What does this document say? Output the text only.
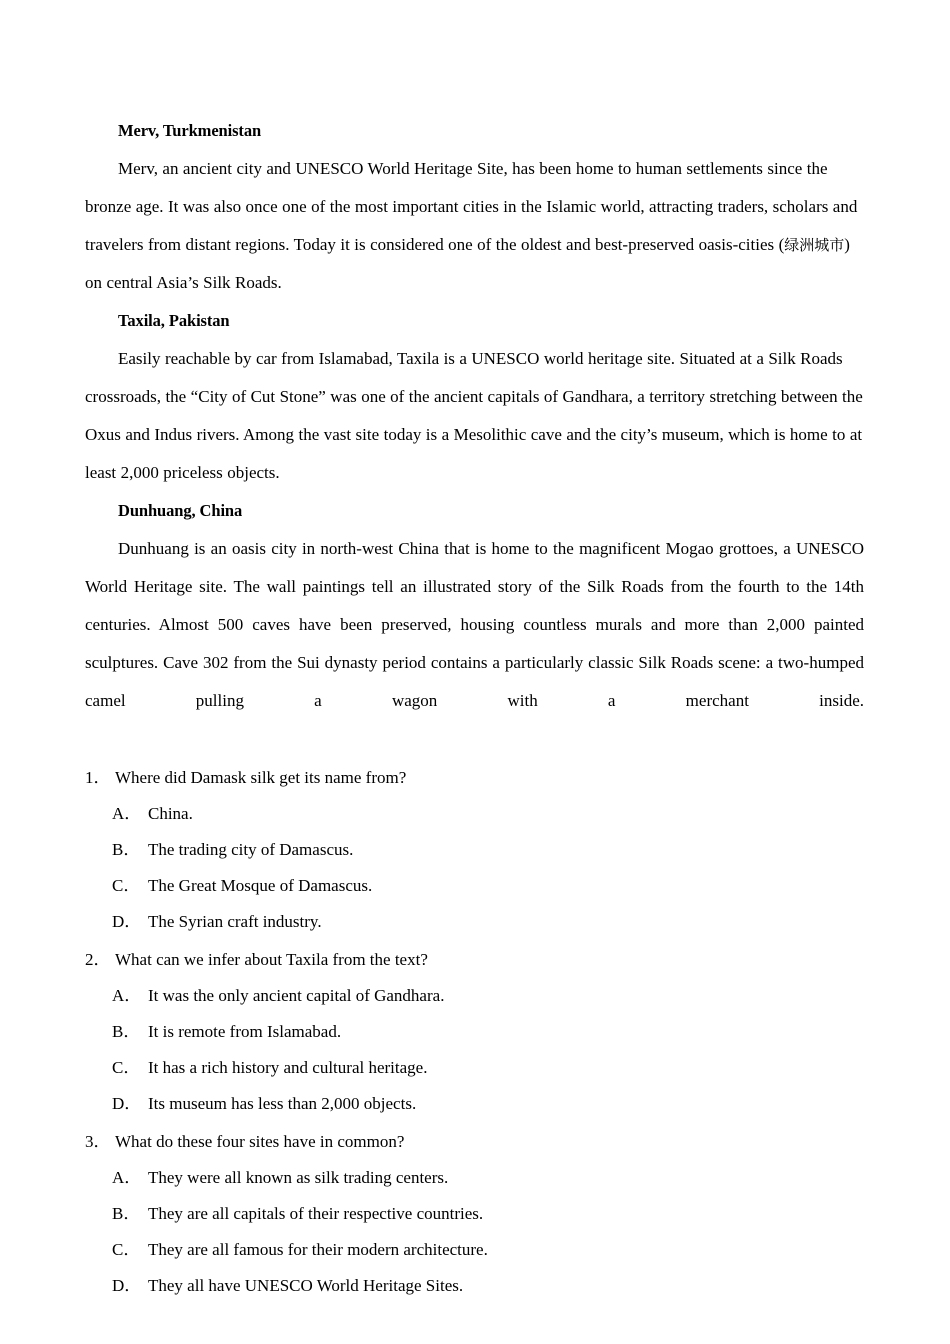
Merv, Turkmenistan

Merv, an ancient city and UNESCO World Heritage Site, has been home to human settlements since the bronze age. It was also once one of the most important cities in the Islamic world, attracting traders, scholars and travelers from distant regions. Today it is considered one of the oldest and best-preserved oasis-cities (绿洲城市) on central Asia’s Silk Roads.

Taxila, Pakistan

Easily reachable by car from Islamabad, Taxila is a UNESCO world heritage site. Situated at a Silk Roads crossroads, the “City of Cut Stone” was one of the ancient capitals of Gandhara, a territory stretching between the Oxus and Indus rivers. Among the vast site today is a Mesolithic cave and the city’s museum, which is home to at least 2,000 priceless objects.

Dunhuang, China

Dunhuang is an oasis city in north-west China that is home to the magnificent Mogao grottoes, a UNESCO World Heritage site. The wall paintings tell an illustrated story of the Silk Roads from the fourth to the 14th centuries. Almost 500 caves have been preserved, housing countless murals and more than 2,000 painted sculptures. Cave 302 from the Sui dynasty period contains a particularly classic Silk Roads scene: a two-humped camel pulling a wagon with a merchant inside.

1． Where did Damask silk get its name from?
A． China.
B． The trading city of Damascus.
C． The Great Mosque of Damascus.
D． The Syrian craft industry.
2． What can we infer about Taxila from the text?
A． It was the only ancient capital of Gandhara.
B． It is remote from Islamabad.
C． It has a rich history and cultural heritage.
D． Its museum has less than 2,000 objects.
3． What do these four sites have in common?
A． They were all known as silk trading centers.
B． They are all capitals of their respective countries.
C． They are all famous for their modern architecture.
D． They all have UNESCO World Heritage Sites.
